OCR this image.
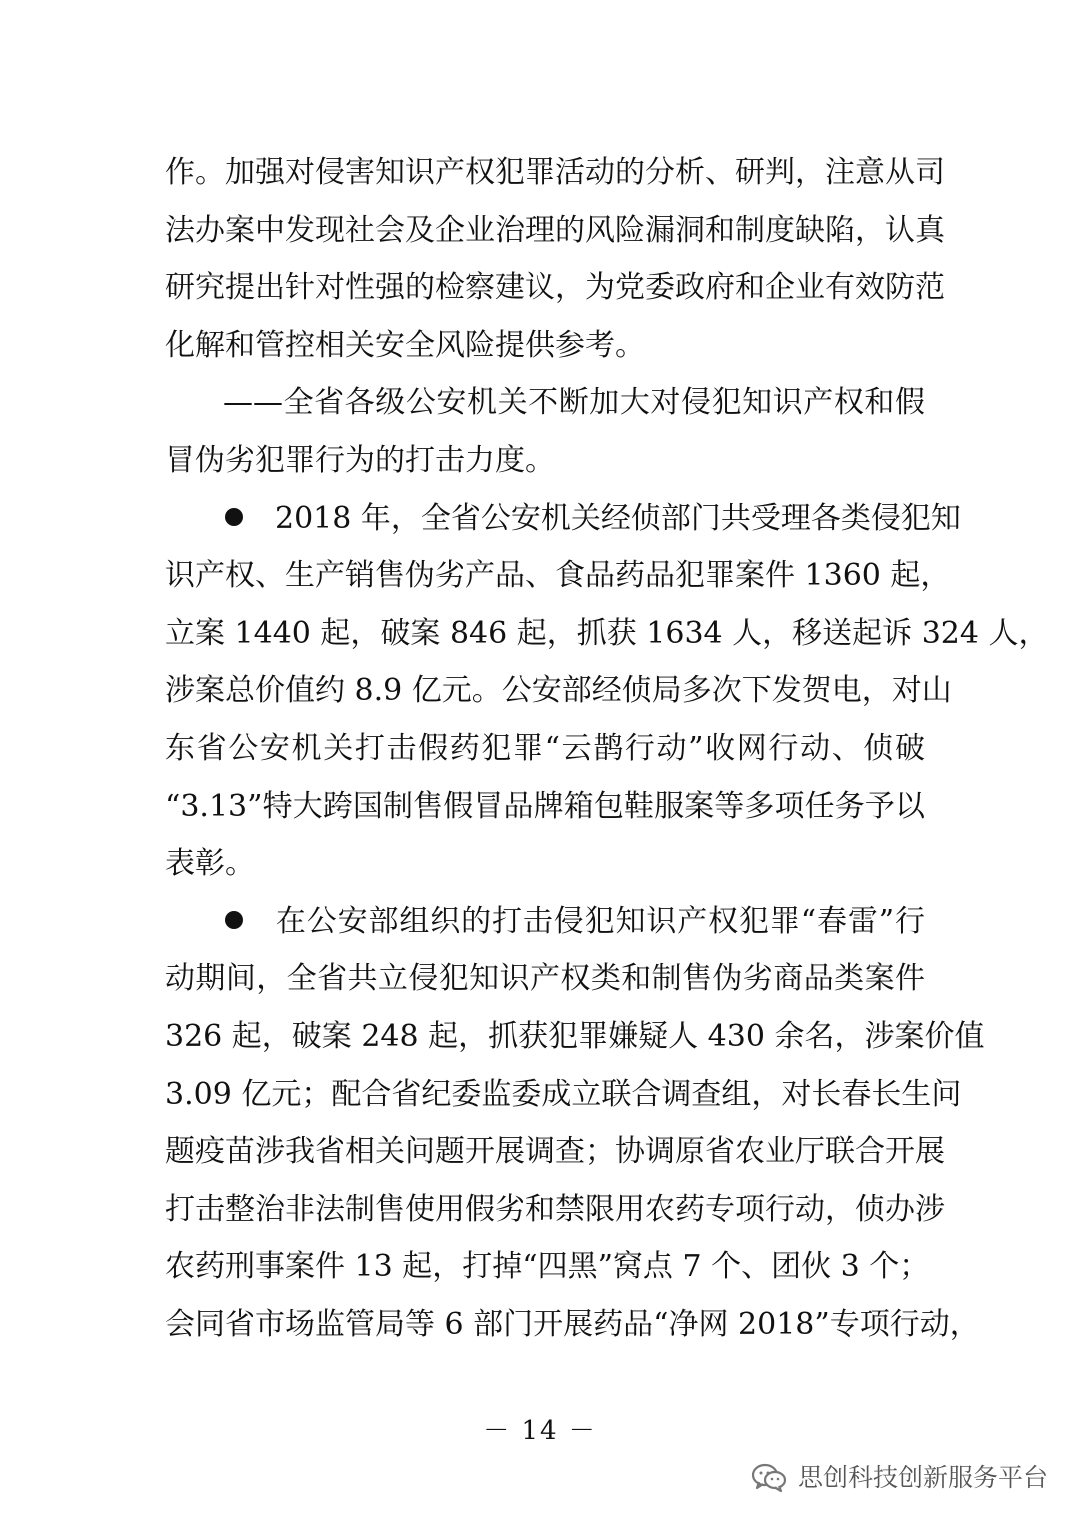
作。加强对侵害知识产权犯罪活动的分析、研判，注意从司
法办案中发现社会及企业治理的风险漏洞和制度缺陷，认真
研究提出针对性强的检察建议，为党委政府和企业有效防范
化解和管控相关安全风险提供参考。
——全省各级公安机关不断加大对侵犯知识产权和假
冒伪劣犯罪行为的打击力度。
2018 年，全省公安机关经侦部门共受理各类侵犯知
识产权、生产销售伪劣产品、食品药品犯罪案件 1360 起，
立案 1440 起，破案 846 起，抓获 1634 人，移送起诉 324 人，
涉案总价值约 8.9 亿元。公安部经侦局多次下发贺电，对山
东省公安机关打击假药犯罪“云鹊行动”收网行动、侦破
“3.13”特大跨国制售假冒品牌箱包鞋服案等多项任务予以
表彰。
在公安部组织的打击侵犯知识产权犯罪“春雷”行
动期间，全省共立侵犯知识产权类和制售伪劣商品类案件
326 起，破案 248 起，抓获犯罪嫌疑人 430 余名，涉案价值
3.09 亿元；配合省纪委监委成立联合调查组，对长春长生问
题疫苗涉我省相关问题开展调查；协调原省农业厅联合开展
打击整治非法制售使用假劣和禁限用农药专项行动，侦办涉
农药刑事案件 13 起，打掉“四黑”窝点 7 个、团伙 3 个；
会同省市场监管局等 6 部门开展药品“净网 2018”专项行动，
－ 14 －
思创科技创新服务平台
